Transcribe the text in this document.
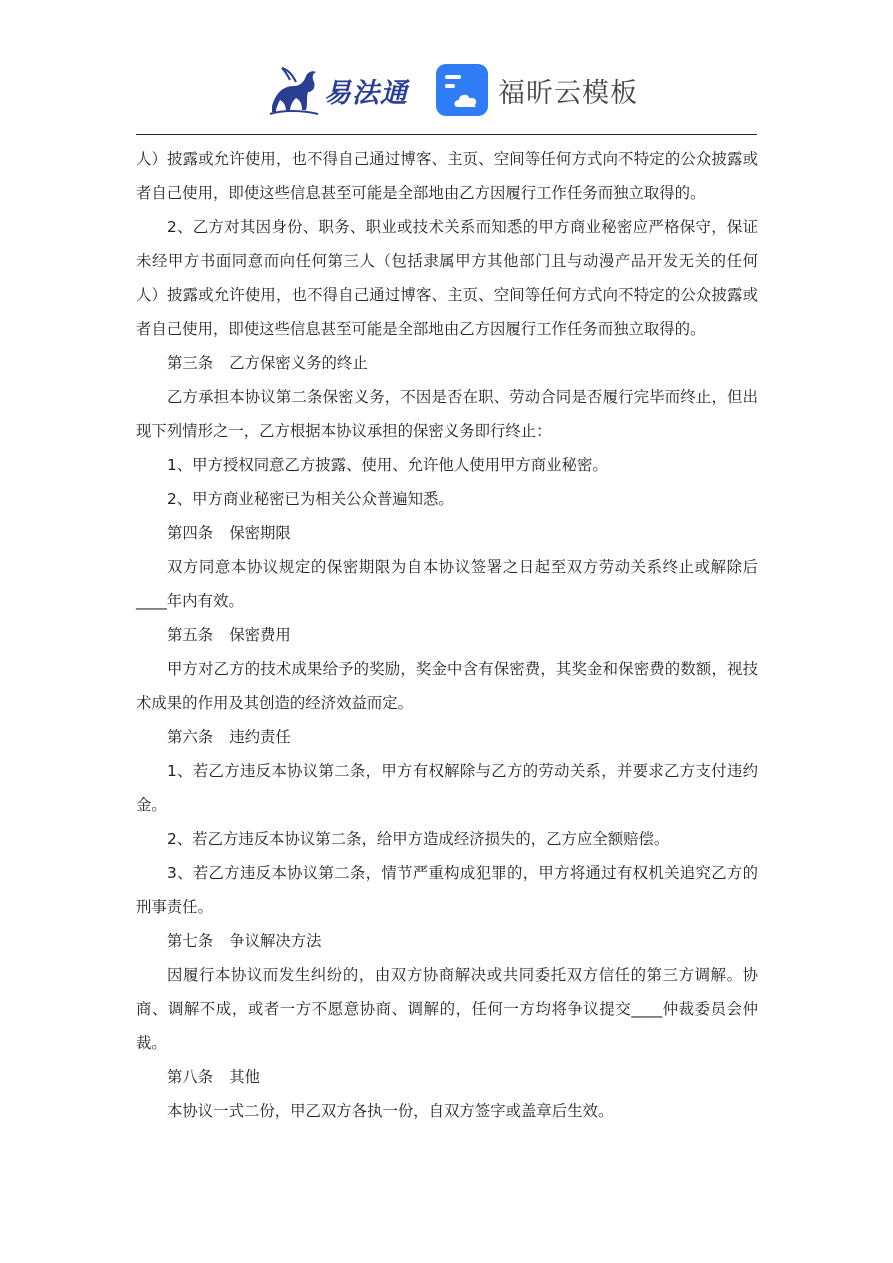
易法通	福昕云模板

人）披露或允许使用，也不得自己通过博客、主页、空间等任何方式向不特定的公众披露或者自己使用，即使这些信息甚至可能是全部地由乙方因履行工作任务而独立取得的。

2、乙方对其因身份、职务、职业或技术关系而知悉的甲方商业秘密应严格保守，保证未经甲方书面同意而向任何第三人（包括隶属甲方其他部门且与动漫产品开发无关的任何人）披露或允许使用，也不得自己通过博客、主页、空间等任何方式向不特定的公众披露或者自己使用，即使这些信息甚至可能是全部地由乙方因履行工作任务而独立取得的。

第三条 乙方保密义务的终止

乙方承担本协议第二条保密义务，不因是否在职、劳动合同是否履行完毕而终止，但出现下列情形之一，乙方根据本协议承担的保密义务即行终止：

1、甲方授权同意乙方披露、使用、允许他人使用甲方商业秘密。

2、甲方商业秘密已为相关公众普遍知悉。

第四条 保密期限

双方同意本协议规定的保密期限为自本协议签署之日起至双方劳动关系终止或解除后____年内有效。

第五条 保密费用

甲方对乙方的技术成果给予的奖励，奖金中含有保密费，其奖金和保密费的数额，视技术成果的作用及其创造的经济效益而定。

第六条 违约责任

1、若乙方违反本协议第二条，甲方有权解除与乙方的劳动关系，并要求乙方支付违约金。

2、若乙方违反本协议第二条，给甲方造成经济损失的，乙方应全额赔偿。

3、若乙方违反本协议第二条，情节严重构成犯罪的，甲方将通过有权机关追究乙方的刑事责任。

第七条 争议解决方法

因履行本协议而发生纠纷的，由双方协商解决或共同委托双方信任的第三方调解。协商、调解不成，或者一方不愿意协商、调解的，任何一方均将争议提交____仲裁委员会仲裁。

第八条 其他

本协议一式二份，甲乙双方各执一份，自双方签字或盖章后生效。
